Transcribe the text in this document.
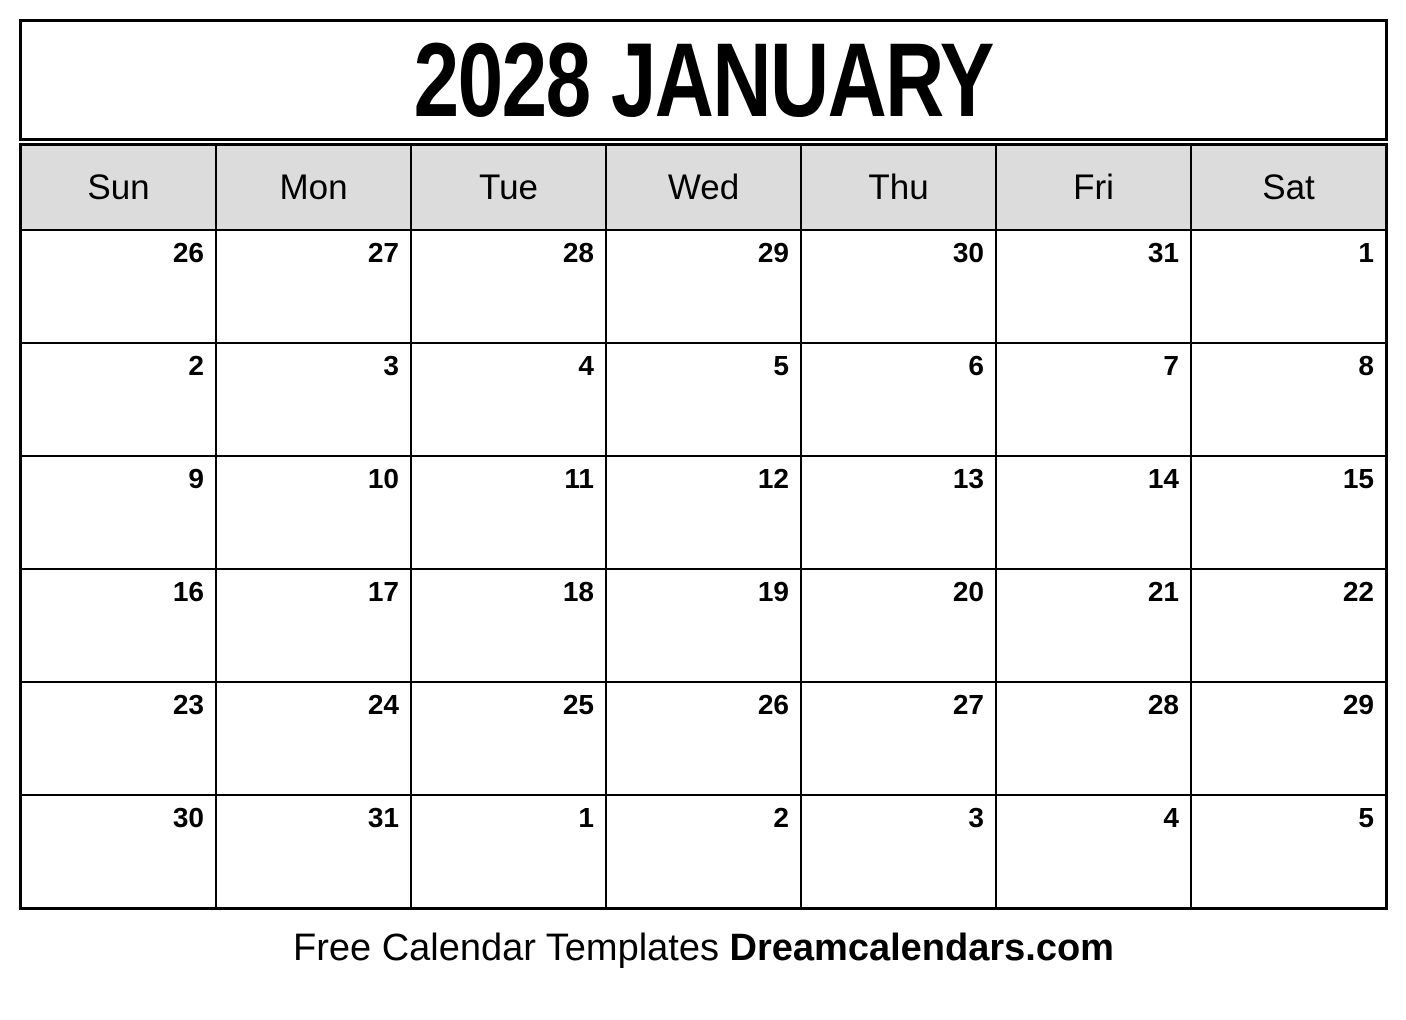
2028 JANUARY
Sun	Mon	Tue	Wed	Thu	Fri	Sat
26	27	28	29	30	31	1
2	3	4	5	6	7	8
9	10	11	12	13	14	15
16	17	18	19	20	21	22
23	24	25	26	27	28	29
30	31	1	2	3	4	5
Free Calendar Templates Dreamcalendars.com
